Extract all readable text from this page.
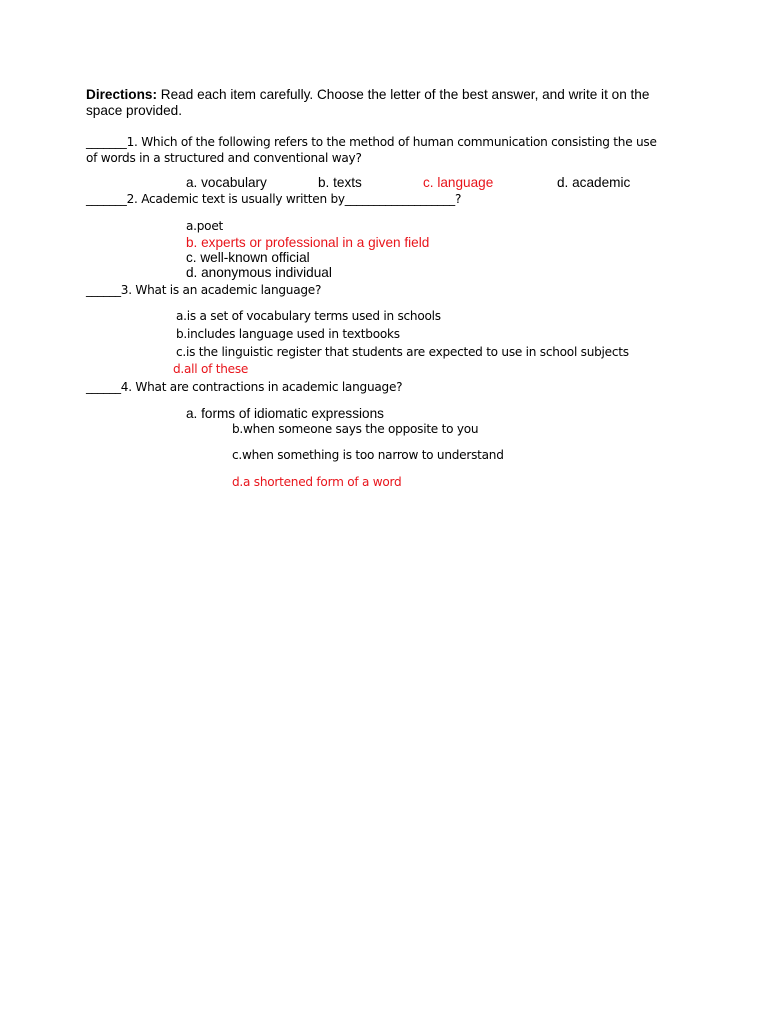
Directions: Read each item carefully. Choose the letter of the best answer, and write it on the space provided.
_______1. Which of the following refers to the method of human communication consisting the use
of words in a structured and conventional way?
a. vocabulary	b. texts	c. language	d. academic
_______2. Academic text is usually written by___________________?
a.poet
b. experts or professional in a given field
c. well-known official
d. anonymous individual
______3. What is an academic language?
a.is a set of vocabulary terms used in schools
b.includes language used in textbooks
c.is the linguistic register that students are expected to use in school subjects
d.all of these
______4. What are contractions in academic language?
a. forms of idiomatic expressions
b.when someone says the opposite to you
c.when something is too narrow to understand
d.a shortened form of a word
